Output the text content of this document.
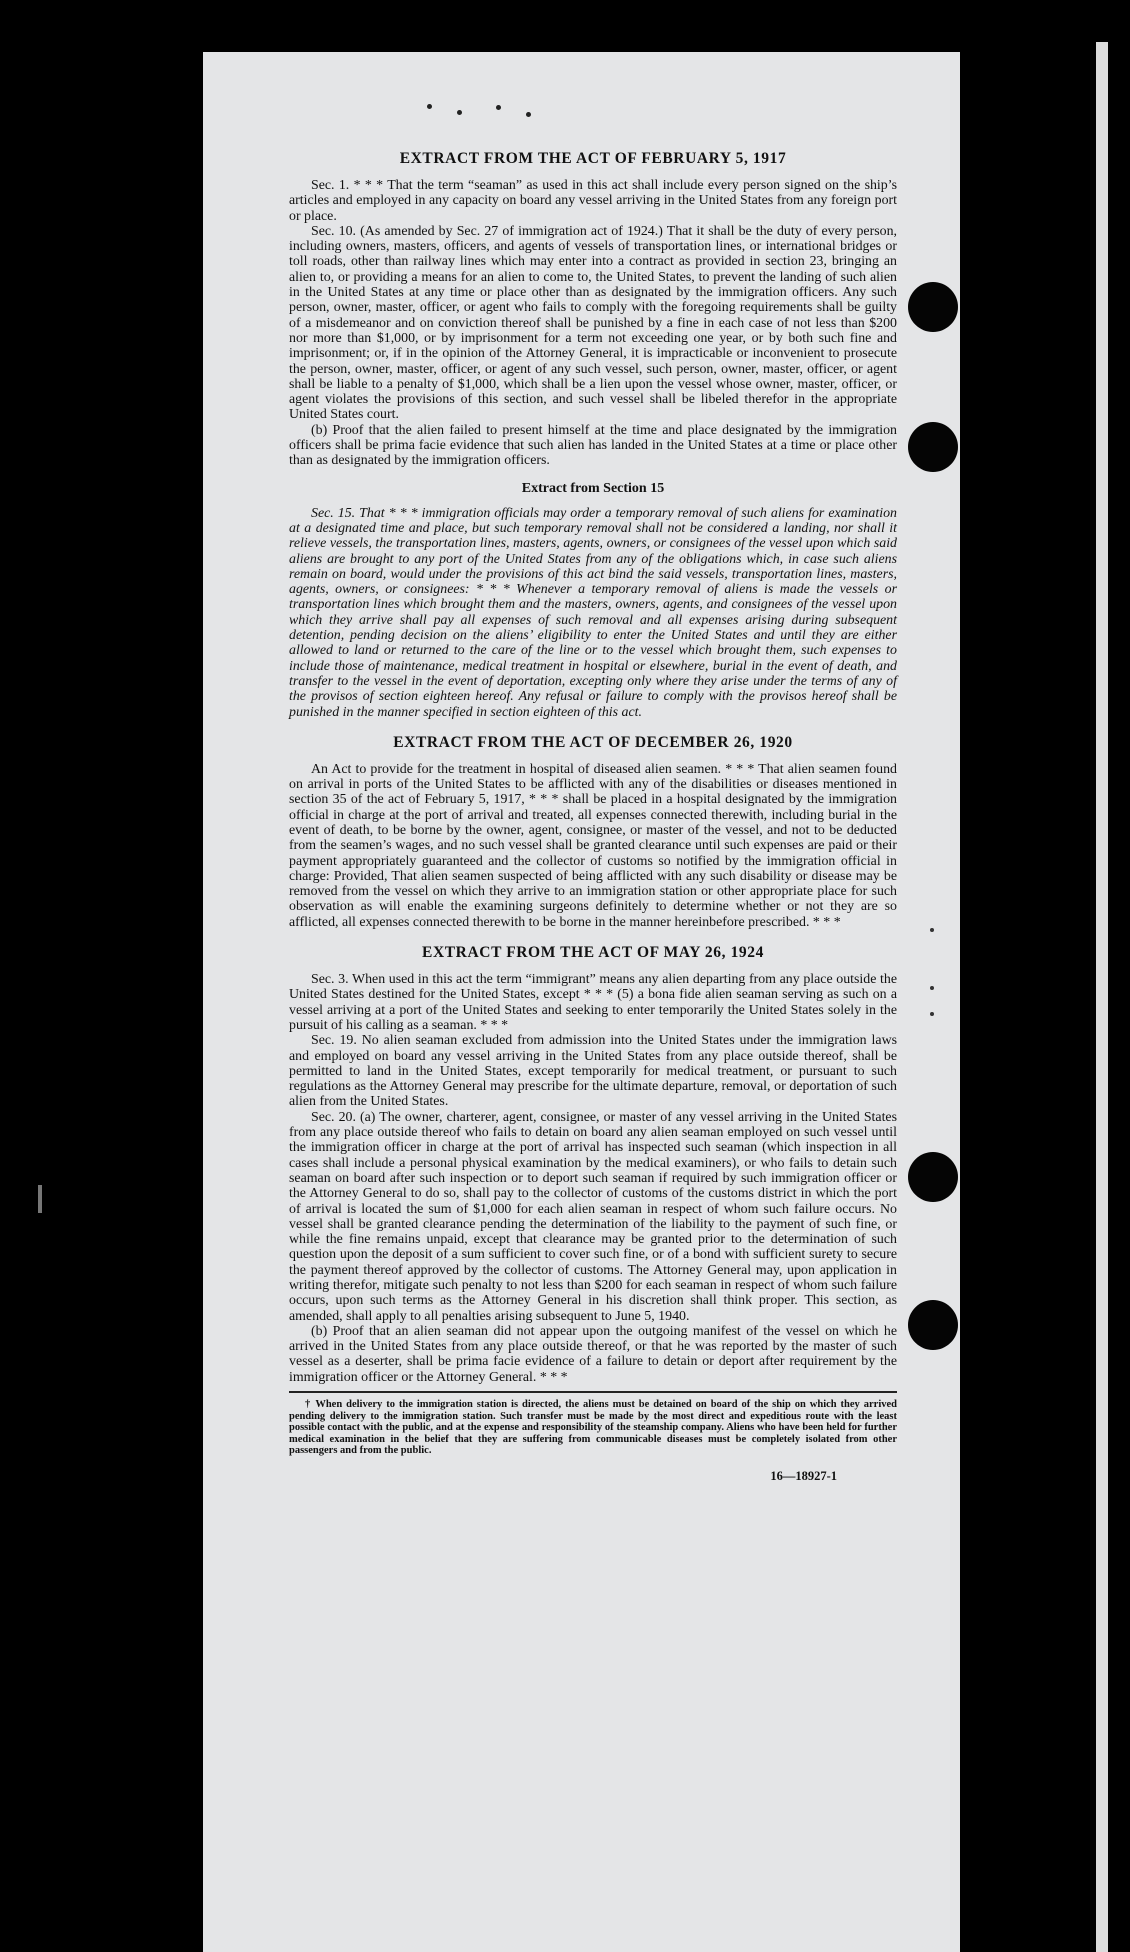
EXTRACT FROM THE ACT OF FEBRUARY 5, 1917

Sec. 1. * * * That the term “seaman” as used in this act shall include every person signed on the ship’s articles and employed in any capacity on board any vessel arriving in the United States from any foreign port or place.

Sec. 10. (As amended by Sec. 27 of immigration act of 1924.) That it shall be the duty of every person, including owners, masters, officers, and agents of vessels of transportation lines, or international bridges or toll roads, other than railway lines which may enter into a contract as provided in section 23, bringing an alien to, or providing a means for an alien to come to, the United States, to prevent the landing of such alien in the United States at any time or place other than as designated by the immigration officers. Any such person, owner, master, officer, or agent who fails to comply with the foregoing requirements shall be guilty of a misdemeanor and on conviction thereof shall be punished by a fine in each case of not less than $200 nor more than $1,000, or by imprisonment for a term not exceeding one year, or by both such fine and imprisonment; or, if in the opinion of the Attorney General, it is impracticable or inconvenient to prosecute the person, owner, master, officer, or agent of any such vessel, such person, owner, master, officer, or agent shall be liable to a penalty of $1,000, which shall be a lien upon the vessel whose owner, master, officer, or agent violates the provisions of this section, and such vessel shall be libeled therefor in the appropriate United States court.

(b) Proof that the alien failed to present himself at the time and place designated by the immigration officers shall be prima facie evidence that such alien has landed in the United States at a time or place other than as designated by the immigration officers.

Extract from Section 15

Sec. 15. That * * * immigration officials may order a temporary removal of such aliens for examination at a designated time and place, but such temporary removal shall not be considered a landing, nor shall it relieve vessels, the transportation lines, masters, agents, owners, or consignees of the vessel upon which said aliens are brought to any port of the United States from any of the obligations which, in case such aliens remain on board, would under the provisions of this act bind the said vessels, transportation lines, masters, agents, owners, or consignees: * * * Whenever a temporary removal of aliens is made the vessels or transportation lines which brought them and the masters, owners, agents, and consignees of the vessel upon which they arrive shall pay all expenses of such removal and all expenses arising during subsequent detention, pending decision on the aliens’ eligibility to enter the United States and until they are either allowed to land or returned to the care of the line or to the vessel which brought them, such expenses to include those of maintenance, medical treatment in hospital or elsewhere, burial in the event of death, and transfer to the vessel in the event of deportation, excepting only where they arise under the terms of any of the provisos of section eighteen hereof. Any refusal or failure to comply with the provisos hereof shall be punished in the manner specified in section eighteen of this act.

EXTRACT FROM THE ACT OF DECEMBER 26, 1920

An Act to provide for the treatment in hospital of diseased alien seamen. * * * That alien seamen found on arrival in ports of the United States to be afflicted with any of the disabilities or diseases mentioned in section 35 of the act of February 5, 1917, * * * shall be placed in a hospital designated by the immigration official in charge at the port of arrival and treated, all expenses connected therewith, including burial in the event of death, to be borne by the owner, agent, consignee, or master of the vessel, and not to be deducted from the seamen’s wages, and no such vessel shall be granted clearance until such expenses are paid or their payment appropriately guaranteed and the collector of customs so notified by the immigration official in charge: Provided, That alien seamen suspected of being afflicted with any such disability or disease may be removed from the vessel on which they arrive to an immigration station or other appropriate place for such observation as will enable the examining surgeons definitely to determine whether or not they are so afflicted, all expenses connected therewith to be borne in the manner hereinbefore prescribed. * * *

EXTRACT FROM THE ACT OF MAY 26, 1924

Sec. 3. When used in this act the term “immigrant” means any alien departing from any place outside the United States destined for the United States, except * * * (5) a bona fide alien seaman serving as such on a vessel arriving at a port of the United States and seeking to enter temporarily the United States solely in the pursuit of his calling as a seaman. * * *

Sec. 19. No alien seaman excluded from admission into the United States under the immigration laws and employed on board any vessel arriving in the United States from any place outside thereof, shall be permitted to land in the United States, except temporarily for medical treatment, or pursuant to such regulations as the Attorney General may prescribe for the ultimate departure, removal, or deportation of such alien from the United States.

Sec. 20. (a) The owner, charterer, agent, consignee, or master of any vessel arriving in the United States from any place outside thereof who fails to detain on board any alien seaman employed on such vessel until the immigration officer in charge at the port of arrival has inspected such seaman (which inspection in all cases shall include a personal physical examination by the medical examiners), or who fails to detain such seaman on board after such inspection or to deport such seaman if required by such immigration officer or the Attorney General to do so, shall pay to the collector of customs of the customs district in which the port of arrival is located the sum of $1,000 for each alien seaman in respect of whom such failure occurs. No vessel shall be granted clearance pending the determination of the liability to the payment of such fine, or while the fine remains unpaid, except that clearance may be granted prior to the determination of such question upon the deposit of a sum sufficient to cover such fine, or of a bond with sufficient surety to secure the payment thereof approved by the collector of customs. The Attorney General may, upon application in writing therefor, mitigate such penalty to not less than $200 for each seaman in respect of whom such failure occurs, upon such terms as the Attorney General in his discretion shall think proper. This section, as amended, shall apply to all penalties arising subsequent to June 5, 1940.

(b) Proof that an alien seaman did not appear upon the outgoing manifest of the vessel on which he arrived in the United States from any place outside thereof, or that he was reported by the master of such vessel as a deserter, shall be prima facie evidence of a failure to detain or deport after requirement by the immigration officer or the Attorney General. * * *

† When delivery to the immigration station is directed, the aliens must be detained on board of the ship on which they arrived pending delivery to the immigration station. Such transfer must be made by the most direct and expeditious route with the least possible contact with the public, and at the expense and responsibility of the steamship company. Aliens who have been held for further medical examination in the belief that they are suffering from communicable diseases must be completely isolated from other passengers and from the public.

16—18927-1
